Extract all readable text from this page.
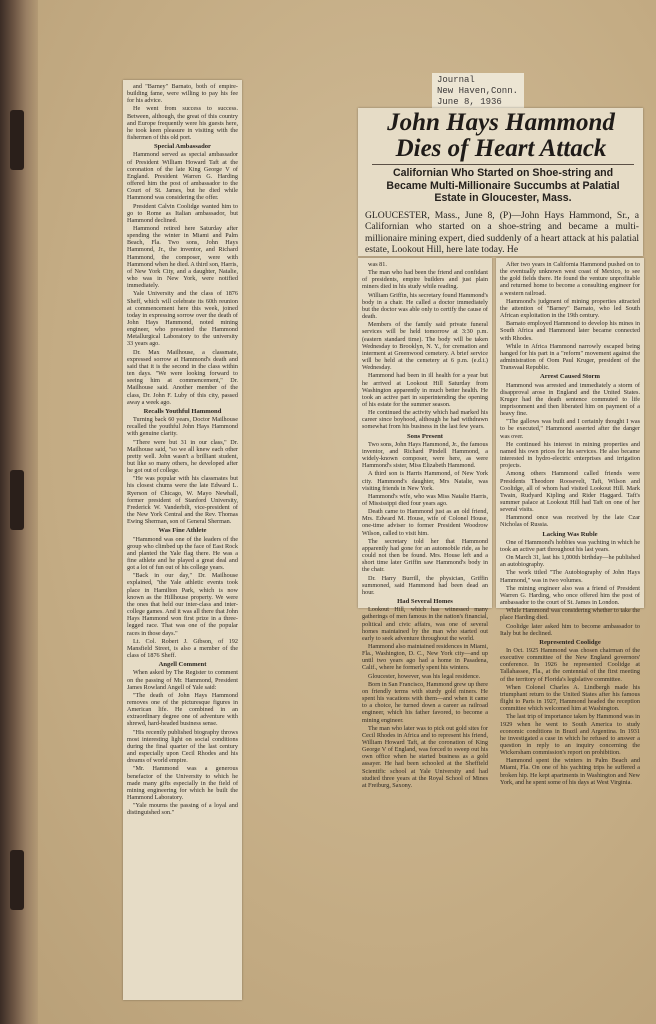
and "Barney" Barnato, both of empire-building fame, were willing to pay his fee for his advice.

He went from success to success. Between, although, the great of this country and Europe frequently were his guests here, he took keen pleasure in visiting with the fishermen of this old port.

Special Ambassador

Hammond served as special ambassador of President William Howard Taft at the coronation of the late King George V of England. President Warren G. Harding offered him the post of ambassador to the Court of St. James, but he died while Hammond was considering the offer.

President Calvin Coolidge wanted him to go to Rome as Italian ambassador, but Hammond declined.

Hammond retired here Saturday after spending the winter in Miami and Palm Beach, Fla. Two sons, John Hays Hammond, Jr., the inventor, and Richard Hammond, the composer, were with Hammond when he died. A third son, Harris, of New York City, and a daughter, Natalie, who was in New York, were notified immediately.

Yale University and the class of 1876 Sheff, which will celebrate its 60th reunion at commencement here this week, joined today in expressing sorrow over the death of John Hays Hammond, noted mining engineer, who presented the Hammond Metallurgical Laboratory to the university 33 years ago.

Dr. Max Mailhouse, a classmate, expressed sorrow at Hammond's death and said that it is the second in the class within ten days. "We were looking forward to seeing him at commencement," Dr. Mailhouse said. Another member of the class, Dr. John F. Luby of this city, passed away a week ago.

Recalls Youthful Hammond

Turning back 60 years, Doctor Mailhouse recalled the youthful John Hays Hammond with genuine clarity.

"There were but 31 in our class," Dr. Mailhouse said, "so we all knew each other pretty well. John wasn't a brilliant student, but like so many others, he developed after he got out of college.

"He was popular with his classmates but his closest chums were the late Edward L. Ryerson of Chicago, W. Mayo Newhall, former president of Stanford University, Frederick W. Vanderbilt, vice-president of the New York Central and the Rev. Thomas Ewing Sherman, son of General Sherman.

Was Fine Athlete

"Hammond was one of the leaders of the group who climbed up the face of East Rock and planted the Yale flag there. He was a fine athlete and he played a great deal and got a lot of fun out of his college years.

"Back in our day," Dr. Mailhouse explained, "the Yale athletic events took place in Hamilton Park, which is now known as the Hillhouse property. We were the ones that held our inter-class and inter-college games. And it was all there that John Hays Hammond won first prize in a three-legged race. That was one of the popular races in those days."

Lt. Col. Robert J. Gibson, of 192 Mansfield Street, is also a member of the class of 1876 Sheff.

Angell Comment

When asked by The Register to comment on the passing of Mr. Hammond, President James Rowland Angell of Yale said:

"The death of John Hays Hammond removes one of the picturesque figures in American life. He combined in an extraordinary degree one of adventure with shrewd, hard-headed business sense.

"His recently published biography throws most interesting light on social conditions during the final quarter of the last century and especially upon Cecil Rhodes and his dreams of world empire.

"Mr. Hammond was a generous benefactor of the University to which he made many gifts especially in the field of mining engineering for which he built the Hammond Laboratory.

"Yale mourns the passing of a loyal and distinguished son."

Journal
New Haven,Conn.
June 8, 1936
John Hays Hammond Dies of Heart Attack
Californian Who Started on Shoe-string and Became Multi-Millionaire Succumbs at Palatial Estate in Gloucester, Mass.
GLOUCESTER, Mass., June 8, (P)—John Hays Hammond, Sr., a Californian who started on a shoe-string and became a multi-millionaire mining expert, died suddenly of a heart attack at his palatial estate, Lookout Hill, here late today. He

was 81.

The man who had been the friend and confidant of presidents, empire builders and just plain miners died in his study while reading.

William Griffin, his secretary found Hammond's body in a chair. He called a doctor immediately but the doctor was able only to certify the cause of death.

Members of the family said private funeral services will be held tomorrow at 3:30 p.m. (eastern standard time). The body will be taken Wednesday to Brooklyn, N. Y., for cremation and interment at Greenwood cemetery. A brief service will be held at the cemetery at 6 p.m. (e.d.t.) Wednesday.

Hammond had been in ill health for a year but he arrived at Lookout Hill Saturday from Washington apparently in much better health. He took an active part in superintending the opening of his estate for the summer season.

He continued the activity which had marked his career since boyhood, although he had withdrawn somewhat from his business in the last few years.

Sons Present

Two sons, John Hays Hammond, Jr., the famous inventor, and Richard Pindell Hammond, a widely-known composer, were here, as were Hammond's sister, Miss Elizabeth Hammond.

A third son is Harris Hammond, of New York city. Hammond's daughter, Mrs Natalie, was visiting friends in New York.

Hammond's wife, who was Miss Natalie Harris, of Mississippi died four years ago.

Death came to Hammond just as an old friend, Mrs. Edward M. House, wife of Colonel House, one-time adviser to former President Woodrow Wilson, called to visit him.

The secretary told her that Hammond apparently had gone for an automobile ride, as he could not then be found. Mrs. House left and a short time later Griffin saw Hammond's body in the chair.

Dr. Harry Burrill, the physician, Griffin summoned, said Hammond had been dead an hour.

Had Several Homes

Lookout Hill, which has witnessed many gatherings of men famous in the nation's financial, political and civic affairs, was one of several homes maintained by the man who started out early to seek adventure throughout the world.

Hammond also maintained residences in Miami, Fla., Washington, D. C., New York city—and up until two years ago had a home in Pasadena, Calif., where he formerly spent his winters.

Gloucester, however, was his legal residence.

Born in San Francisco, Hammond grew up there on friendly terms with sturdy gold miners. He spent his vacations with them—and when it came to a choice, he turned down a career as railroad engineer, which his father favored, to become a mining engineer.

The man who later was to pick out gold sites for Cecil Rhodes in Africa and to represent his friend, William Howard Taft, at the coronation of King George V of England, was forced to sweep out his own office when he started business as a gold assayer. He had been schooled at the Sheffield Scientific school at Yale University and had studied three years at the Royal School of Mines at Freiburg, Saxony.

After two years in California Hammond pushed on to the eventually unknown west coast of Mexico, to see the gold fields there. He found the venture unprofitable and returned home to become a consulting engineer for a western railroad.

Hammond's judgment of mining properties attracted the attention of "Barney" Barnato, who led South African exploitation in the 19th century.

Barnato employed Hammond to develop his mines in South Africa and Hammond later became connected with Rhodes.

While in Africa Hammond narrowly escaped being hanged for his part in a "reform" movement against the administration of Oom Paul Kruger, president of the Transvaal Republic.

Arrest Caused Storm

Hammond was arrested and immediately a storm of disapproval arose in England and the United States. Kruger had the death sentence commuted to life imprisonment and then liberated him on payment of a heavy fine.

"The gallows was built and I certainly thought I was to be executed," Hammond asserted after the danger was over.

He continued his interest in mining properties and named his own prices for his services. He also became interested in hydro-electric enterprises and irrigation projects.

Among others Hammond called friends were Presidents Theodore Roosevelt, Taft, Wilson and Coolidge, all of whom had visited Lookout Hill. Mark Twain, Rudyard Kipling and Rider Haggard. Taft's summer palace at Lookout Hill had Taft on one of her several visits.

Hammond once was received by the late Czar Nicholas of Russia.

Lacking Was Ruble

One of Hammond's hobbies was yachting in which he took an active part throughout his last years.

On March 31, last his 1,000th birthday—he published an autobiography.

The work titled "The Autobiography of John Hays Hammond," was in two volumes.

The mining engineer also was a friend of President Warren G. Harding, who once offered him the post of ambassador to the court of St. James in London.

While Hammond was considering whether to take the place Harding died.

Coolidge later asked him to become ambassador to Italy but he declined.

Represented Coolidge

In Oct. 1925 Hammond was chosen chairman of the executive committee of the New England governors' conference. In 1926 he represented Coolidge at Tallahassee, Fla., at the centennial of the first meeting of the territory of Florida's legislative committee.

When Colonel Charles A. Lindbergh made his triumphant return to the United States after his famous flight to Paris in 1927, Hammond headed the reception committee which welcomed him at Washington.

The last trip of importance taken by Hammond was in 1929 when he went to South America to study economic conditions in Brazil and Argentina. In 1931 he investigated a case in which he refused to answer a question in reply to an inquiry concerning the Wickersham commission's report on prohibition.

Hammond spent the winters in Palm Beach and Miami, Fla. On one of his yachting trips he suffered a broken hip. He kept apartments in Washington and New York, and he spent some of his days at West Virginia.
